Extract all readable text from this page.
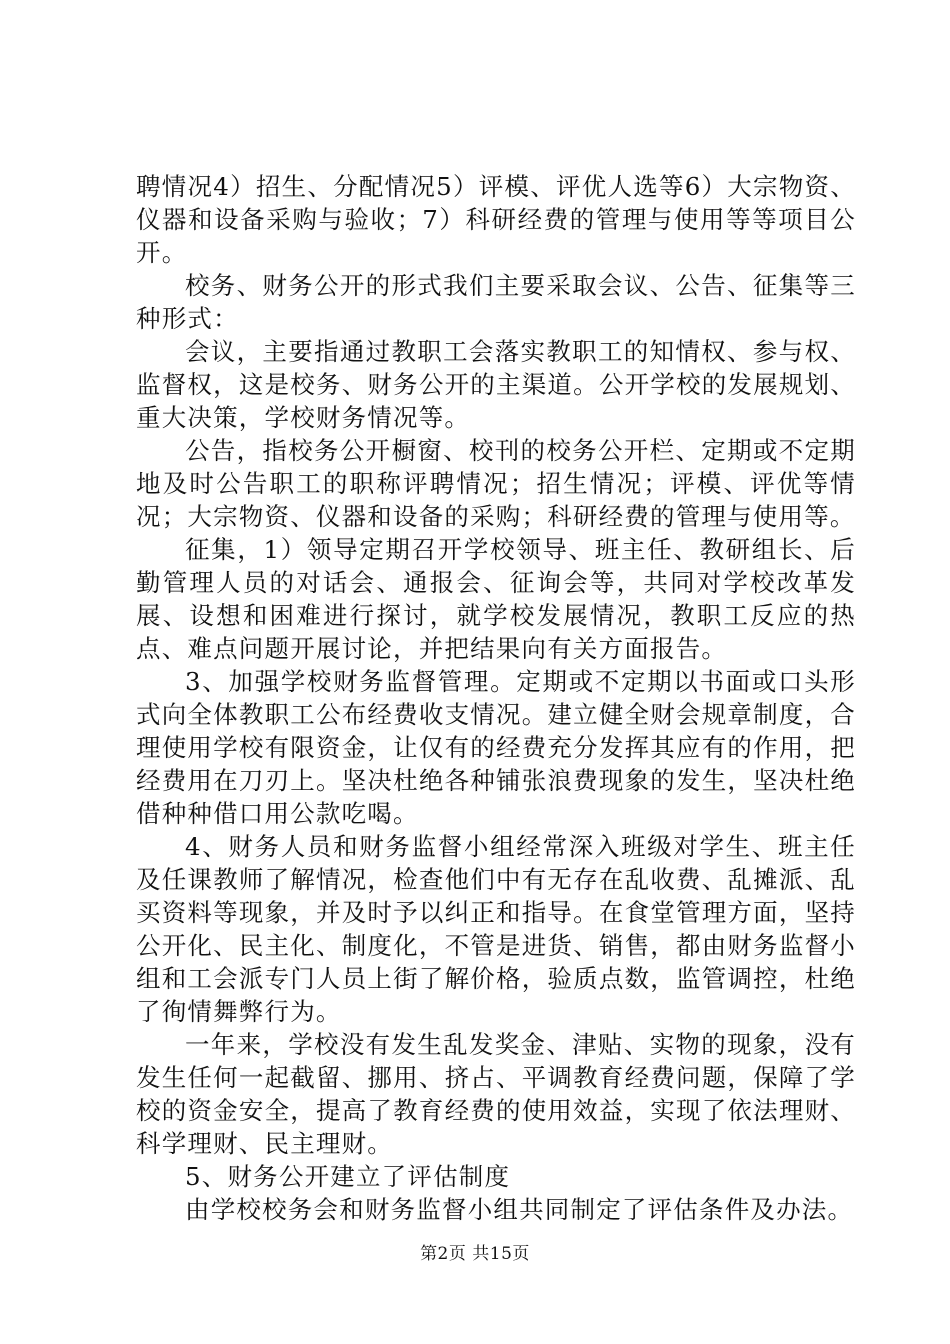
聘情况4）招生、分配情况5）评模、评优人选等6）大宗物资、仪器和设备采购与验收；7）科研经费的管理与使用等等项目公开。

校务、财务公开的形式我们主要采取会议、公告、征集等三种形式：

会议，主要指通过教职工会落实教职工的知情权、参与权、监督权，这是校务、财务公开的主渠道。公开学校的发展规划、重大决策，学校财务情况等。

公告，指校务公开橱窗、校刊的校务公开栏、定期或不定期地及时公告职工的职称评聘情况；招生情况；评模、评优等情况；大宗物资、仪器和设备的采购；科研经费的管理与使用等。

征集，1）领导定期召开学校领导、班主任、教研组长、后勤管理人员的对话会、通报会、征询会等，共同对学校改革发展、设想和困难进行探讨，就学校发展情况，教职工反应的热点、难点问题开展讨论，并把结果向有关方面报告。

3、加强学校财务监督管理。定期或不定期以书面或口头形式向全体教职工公布经费收支情况。建立健全财会规章制度，合理使用学校有限资金，让仅有的经费充分发挥其应有的作用，把经费用在刀刃上。坚决杜绝各种铺张浪费现象的发生，坚决杜绝借种种借口用公款吃喝。

4、财务人员和财务监督小组经常深入班级对学生、班主任及任课教师了解情况，检查他们中有无存在乱收费、乱摊派、乱买资料等现象，并及时予以纠正和指导。在食堂管理方面，坚持公开化、民主化、制度化，不管是进货、销售，都由财务监督小组和工会派专门人员上街了解价格，验质点数，监管调控，杜绝了徇情舞弊行为。

一年来，学校没有发生乱发奖金、津贴、实物的现象，没有发生任何一起截留、挪用、挤占、平调教育经费问题，保障了学校的资金安全，提高了教育经费的使用效益，实现了依法理财、科学理财、民主理财。

5、财务公开建立了评估制度

由学校校务会和财务监督小组共同制定了评估条件及办法。

第2页 共15页
